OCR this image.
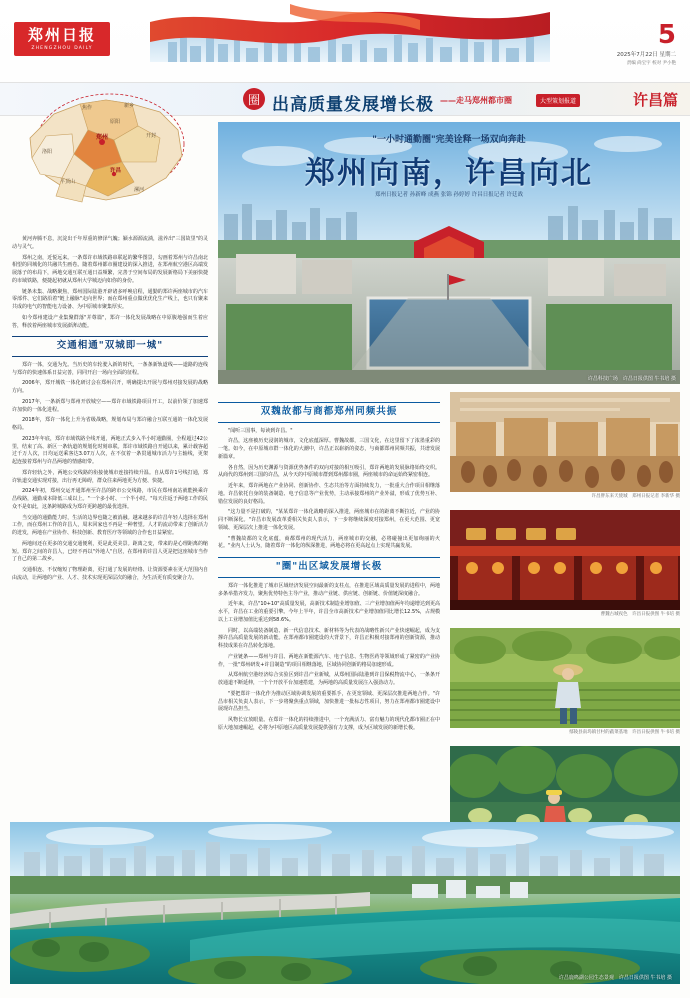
郑州日报
ZHENGZHOU DAILY	5
2025年7月22日 星期二
责编 尚宝宇 校对 尹小艳
圈 出高质量发展增长极 ——走马郑州都市圈	大型策划报道	许昌篇
焦作	新乡
原阳
郑州	开封
洛阳
许昌
平顶山
漯河
"一小时通勤圈"完美诠释一场双向奔赴
郑州向南，许昌向北
郑州日报记者 孙新峰 成燕 张锦 孙婷婷 许昌日报记者 许廷战
许昌科技广场　许昌日报供图 牛书培 摄

黄河奔腾不息，沉淀出千年厚重的修泽气魄；颍水源源流淌，滋养出"三国故里"的灵动与灵气。

郑州之南，近悦远来。一条郑许市域铁路串联起的繁华图景，勾画着郑州与许昌南北相望的同城化的共融共生画卷。随着郑州都市圈建设的深入推进，在郑州航空港区高端发展落子的布局下，两地交通互联互通日益频繁，完善于空间布局的发展新格局下美丽快捷的市域铁路，便捷起初就从郑州大学城迈向如你的身份。

链条未集、战略聚焦，郑州国际陆港开辟诸多呼唤启程，通勤的郑许两座城市的汽车零部件、它们路沿着"链上融脉"走向世界；而在郑州重点做优优化生产线上，也只有聚来共成的电气的智能电力设备、为中原城市聚集厚实。

如今郑州建设产业集聚群落"并尊篇"，郑许一体化发展战略在中原腹地强而生着应答，释放着两座城市发展澎湃动能。

交通相通"双城即一城"

郑许一体，交通为先。当历史的车轮驶入新的时代，一条条新轨道线——道路的连线与郑许的快速体系日益完善，同同开启一场向全面的征程。

2006年，郑开城铁一体化研讨会在郑州召开，明确提出开展与郑州对接发展的战略方向。

2017年，一条新郑与郑州开放城空——郑许市域铁路项目开工，以前价领了加速郑许加快的一体化进程。

2018年，郑许一体化上升为省级战略，规划布局与郑许融合互联互通的一体化发展格局。

2023年年底，郑许市域铁路全线开通，两地正式步入半小时通勤圈，全程超过42公里，结束了高、新区一条轨道的规划化时刻串联。郑许市域铁路自开通以来，累计载客超过千万人次，日均运送乘客达3.07万人次，在不仅着一条贯通城市活力与主轴线，更架起连接着郑州与许昌两地的情感纽带。

郑许轻轨之外，两地公交线路的衔接使城市连接持续升温。自从郑许1号线打通，郑许轨道交通实现对接，出行再无障碍，群众往来两地更为方便、快捷。

2024年初，郑州交运开通郑州至许昌的跨市公交线路，市民在郑州南站就能换乘许昌线路，通勤成本降低三成以上。"一个多小时、一个半小时。"每天往返于两地工作的民众不是如此，这条跨城路成为郑许更跨越的最优选择。

当交通的通勤能力时，生活的边界也随之被消融。越来越多的许昌年轻人选择在郑州工作，而在郑州工作的许昌人，周末回家也不再是一种奢望。人才的流动带来了创新活力的迸发，两地在产业协作、科技创新、教育医疗等领域的合作也日益紧密。

两地间还在更多的交通交通便利，更是此更美景。距离之变，带来的是心理距离的缩短。郑许之间的许昌人，已经不再以"外地人"自居，在郑州的许昌人更是把这座城市当作了自己的第二故乡。

交通相连、不仅缩短了物理距离，更打通了发展的经络、让资源要素在更大范围内自由流动，让两地的产业、人才、技术实现更深层次的融合，为生活更有质变聚合力。

双魏故都与商都郑州同频共振

"闻听三国事，每读到许昌。"

许昌，这座被历史浸润的城市，文化底蕴深厚。曹魏故都，三国文化，在这里留下了浓墨重彩的一笔。如今，在中原城市群一体化的大潮中，许昌正以崭新的姿态，与商都郑州同频共振，共谱发展新篇章。

各自然，因为历史渊源与资源优势条件的双向对接的相互吸引，郑许两地的发展脉络始终交织。从商代的郑州到三国的许昌，从今天的中原城市群到郑州都市圈，两座城市的命运始终紧密相连。

近年来，郑许两地在产业协同、创新协作、生态共治等方面持续发力，一批重大合作项目相继落地。许昌依托自身的装备制造、电子信息等产业优势，主动承接郑州的产业外溢，形成了优势互补、错位发展的良好格局。

"这力量不是打破的，"某某郑许一体化战略的深入推进，两座城市在的距离不断拉近，产业的协同不断深化。"许昌市发展改革委相关负责人表示，下一步将继续深度对接郑州，在更大范围、更宽领域、更深层次上推进一体化发展。

"曹魏故都的文化底蕴，商都郑州的现代活力，两座城市的交融，必将碰撞出更加绚丽的火花。"业内人士认为，随着郑许一体化的纵深推进，两地必将在更高起点上实现共赢发展。

"圈"出区域发展增长极

郑许一体化推进了城市区域经济发展空间最新的支柱点，在推进区域高质量发展的进程中，两地多条举措齐发力，聚焦优势特色主导产业，推动产业链、供应链、创新链、价值链深度融合。

近年来，许昌"10+10"高质量发展，高新技术制造业增加值、三产业增加值两年均递增达到更高水平，许昌在工业的重要引擎。今年上半年，许昌全市高新技术产业增加值同比增长12.5%，占规模以上工业增加值比重达到58.6%。

同时，以高端装备制造、新一代信息技术、新材料等为代表的战略性新兴产业快速崛起，成为支撑许昌高质量发展的新动能。在郑州都市圈建设的大背景下，许昌正积极对接郑州的创新资源，推动科技成果在许昌转化落地。

产业链条——郑州与许昌、两地在新能源汽车、电子信息、生物医药等领域形成了紧密的产业协作，一批"郑州研发+许昌制造"的项目相继落地，区域协同创新的格局加速形成。

从郑州航空港经济综合实验区到许昌产业新城，从郑州国际陆港到许昌保税物流中心，一条条开放通道不断延伸，一个个开放平台加速搭建，为两地的高质量发展注入强劲动力。

"要把郑许一体化作为推动区域协调发展的重要抓手，在更宽领域、更深层次推进两地合作。"许昌市相关负责人表示，下一步将聚焦重点领域，加快推进一批标志性项目，努力在郑州都市圈建设中展现许昌担当。

风物长宜放眼量。在郑许一体化的持续推进中，一个充满活力、富有魅力的现代化都市圈正在中原大地加速崛起，必将为中原地区高质量发展提供强有力支撑，成为区域发展的新增长极。

许昌胖东来天使城　郑州日报记者 李新华 摄
曹魏古城夜色　许昌日报供图 牛书培 摄
鄢陵县南坞镇甘村的蔬菜基地　许昌日报供图 牛书培 摄
许昌鹿鸣湖公园生态景观　许昌日报供图 牛书培 摄
